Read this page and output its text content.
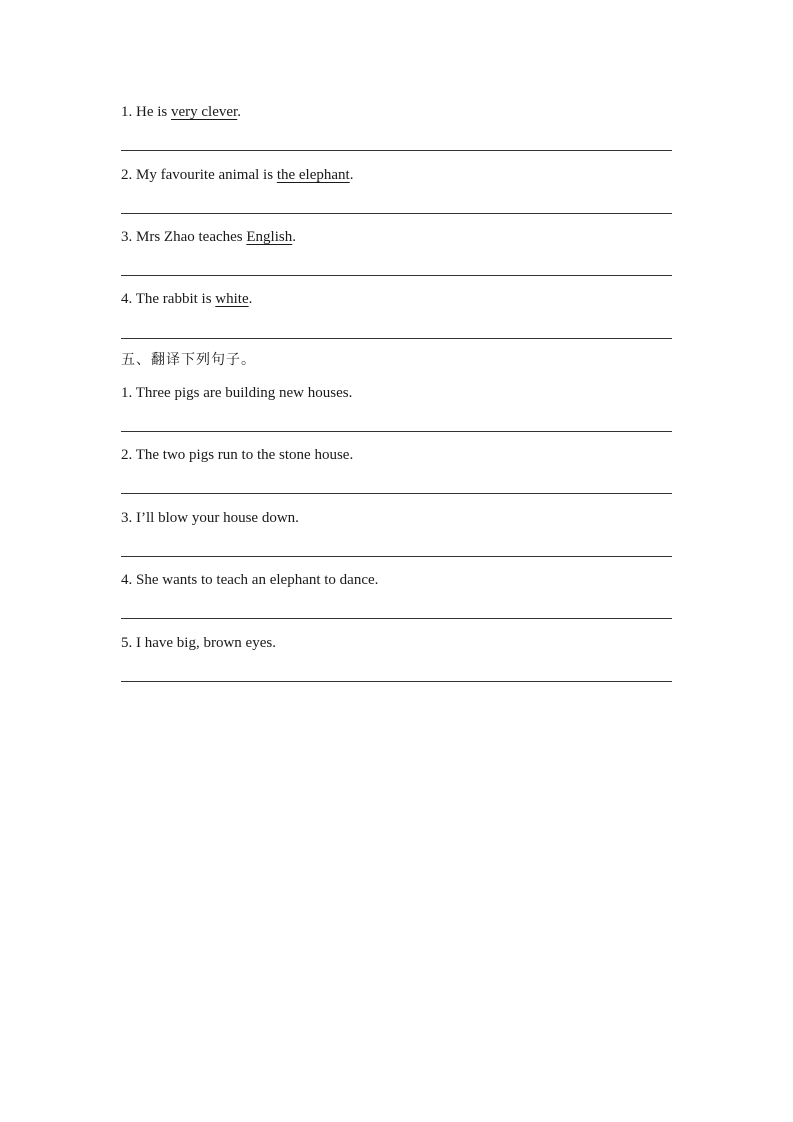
1. He is very clever.
2. My favourite animal is the elephant.
3. Mrs Zhao teaches English.
4. The rabbit is white.
五、翻译下列句子。
1. Three pigs are building new houses.
2. The two pigs run to the stone house.
3. I’ll blow your house down.
4. She wants to teach an elephant to dance.
5. I have big, brown eyes.
